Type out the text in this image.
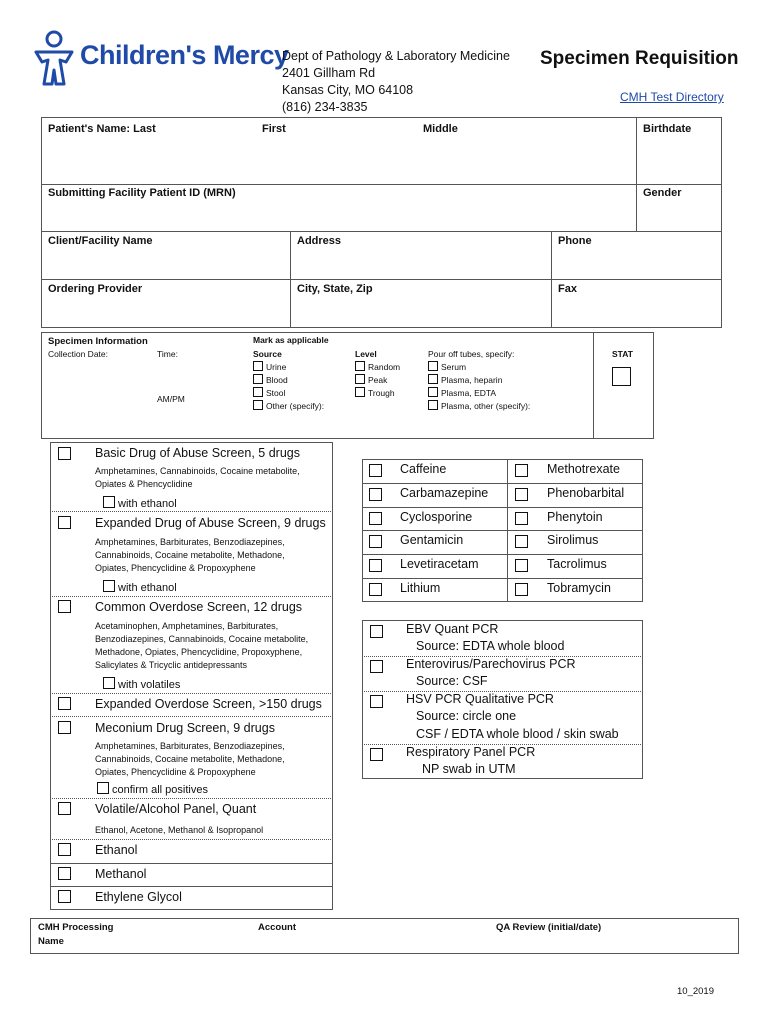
Children's Mercy
Dept of Pathology & Laboratory Medicine
2401 Gillham Rd
Kansas City, MO 64108
(816) 234-3835
Specimen Requisition
CMH Test Directory
Patient's Name: Last	First	Middle	Birthdate
Submitting Facility Patient ID (MRN)	Gender
Client/Facility Name	Address	Phone
Ordering Provider	City, State, Zip	Fax
Specimen Information
Collection Date:	Time:
AM/PM
Mark as applicable
Source
Urine
Blood
Stool
Other (specify):
Level
Random
Peak
Trough
Pour off tubes, specify:
Serum
Plasma, heparin
Plasma, EDTA
Plasma, other (specify):
STAT
Basic Drug of Abuse Screen, 5 drugs
Amphetamines, Cannabinoids, Cocaine metabolite,
Opiates & Phencyclidine
with ethanol
Expanded Drug of Abuse Screen, 9 drugs
Amphetamines, Barbiturates, Benzodiazepines,
Cannabinoids, Cocaine metabolite, Methadone,
Opiates, Phencyclidine & Propoxyphene
with ethanol
Common Overdose Screen, 12 drugs
Acetaminophen, Amphetamines, Barbiturates,
Benzodiazepines, Cannabinoids, Cocaine metabolite,
Methadone, Opiates, Phencyclidine, Propoxyphene,
Salicylates & Tricyclic antidepressants
with volatiles
Expanded Overdose Screen, >150 drugs
Meconium Drug Screen, 9 drugs
Amphetamines, Barbiturates, Benzodiazepines,
Cannabinoids, Cocaine metabolite, Methadone,
Opiates, Phencyclidine & Propoxyphene
confirm all positives
Volatile/Alcohol Panel, Quant
Ethanol, Acetone, Methanol & Isopropanol
Ethanol
Methanol
Ethylene Glycol
Caffeine	Methotrexate
Carbamazepine	Phenobarbital
Cyclosporine	Phenytoin
Gentamicin	Sirolimus
Levetiracetam	Tacrolimus
Lithium	Tobramycin
EBV Quant PCR
Source: EDTA whole blood
Enterovirus/Parechovirus PCR
Source: CSF
HSV PCR Qualitative PCR
Source: circle one
CSF / EDTA whole blood / skin swab
Respiratory Panel PCR
NP swab in UTM
CMH Processing
Name
Account	QA Review (initial/date)
10_2019
